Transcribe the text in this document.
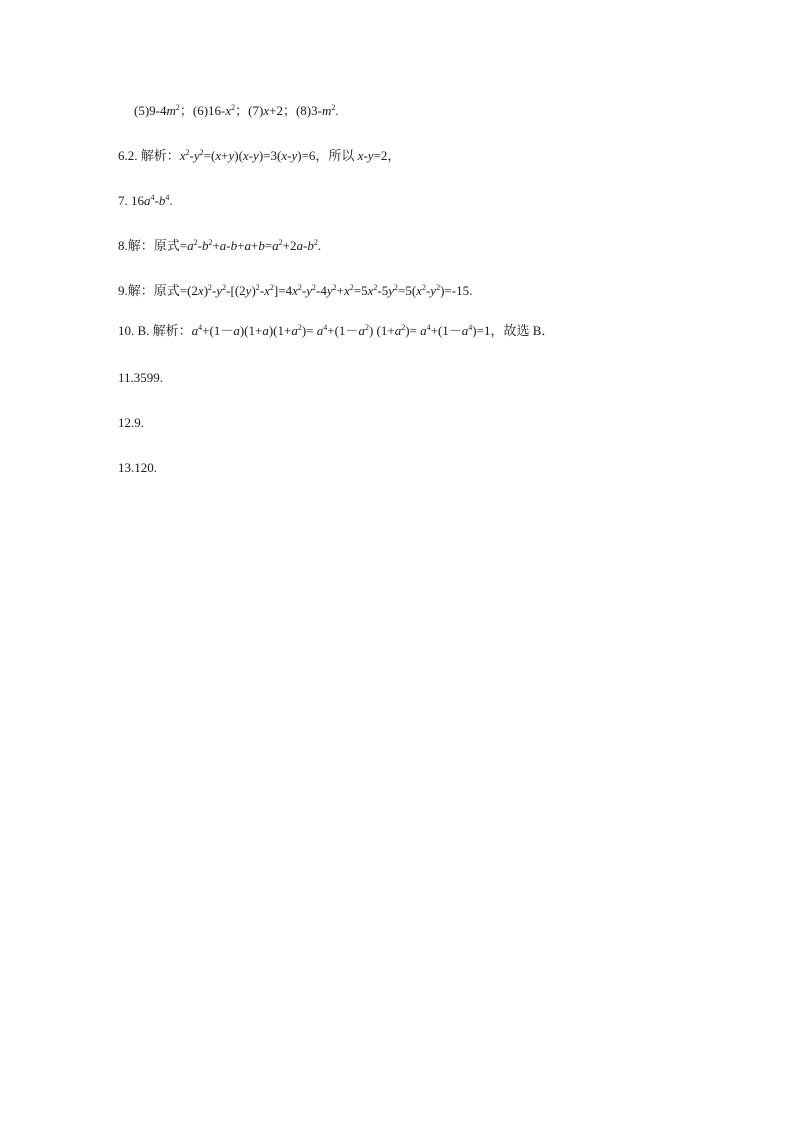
$(5)9-4m^2$；$(6)16-x^2$；(7)x+2；$(8)3-m^2$.
6.2. 解析：$x^2-y^2=(x+y)(x-y)=3(x-y)=6$，所以 x-y=2，
7. $16a^4-b^4$.
8.解：原式$=a^2-b^2+a-b+a+b=a^2+2a-b^2$.
9.解：原式$=(2x)^2-y^2-[(2y)^2-x^2]=4x^2-y^2-4y^2+x^2=5x^2-5y^2=5(x^2-y^2)=-15$.
10. B. 解析：$a^4+(1-a)(1+a)(1+a^2)= a^4+(1-a^2)$ $(1+a^2)= a^4+(1-a^4)=1$，故选 B．
11.3599.
12.9.
13.120.
